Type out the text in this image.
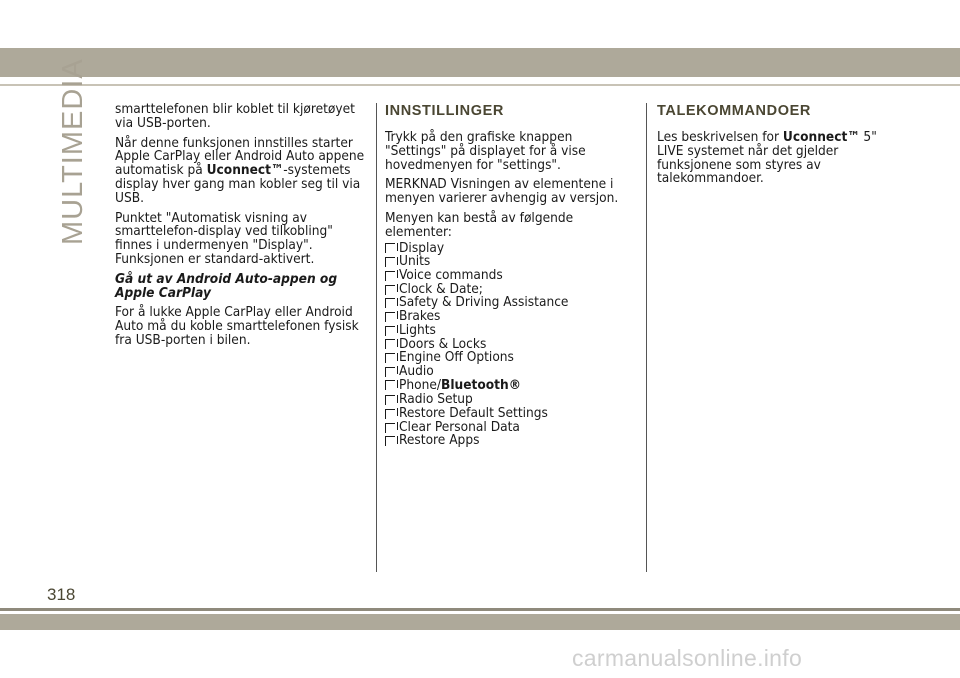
MULTIMEDIA smarttelefonen blir koblet til kjøretøyet via USB-porten.

Når denne funksjonen innstilles starter Apple CarPlay eller Android Auto appene automatisk på Uconnect™-systemets display hver gang man kobler seg til via USB.

Punktet "Automatisk visning av smarttelefon-display ved tilkobling" finnes i undermenyen "Display". Funksjonen er standard-aktivert.

Gå ut av Android Auto-appen og Apple CarPlay

For å lukke Apple CarPlay eller Android Auto må du koble smarttelefonen fysisk fra USB-porten i bilen.

INNSTILLINGER

Trykk på den grafiske knappen "Settings" på displayet for å vise hovedmenyen for "settings".

MERKNAD Visningen av elementene i menyen varierer avhengig av versjon.

Menyen kan bestå av følgende elementer:

Display
Units
Voice commands
Clock & Date;
Safety & Driving Assistance
Brakes
Lights
Doors & Locks
Engine Off Options
Audio
Phone/ Bluetooth®
Radio Setup
Restore Default Settings
Clear Personal Data
Restore Apps
TALEKOMMANDOER

Les beskrivelsen for Uconnect™ 5" LIVE systemet når det gjelder funksjonene som styres av talekommandoer.

318
carmanualsonline.info
